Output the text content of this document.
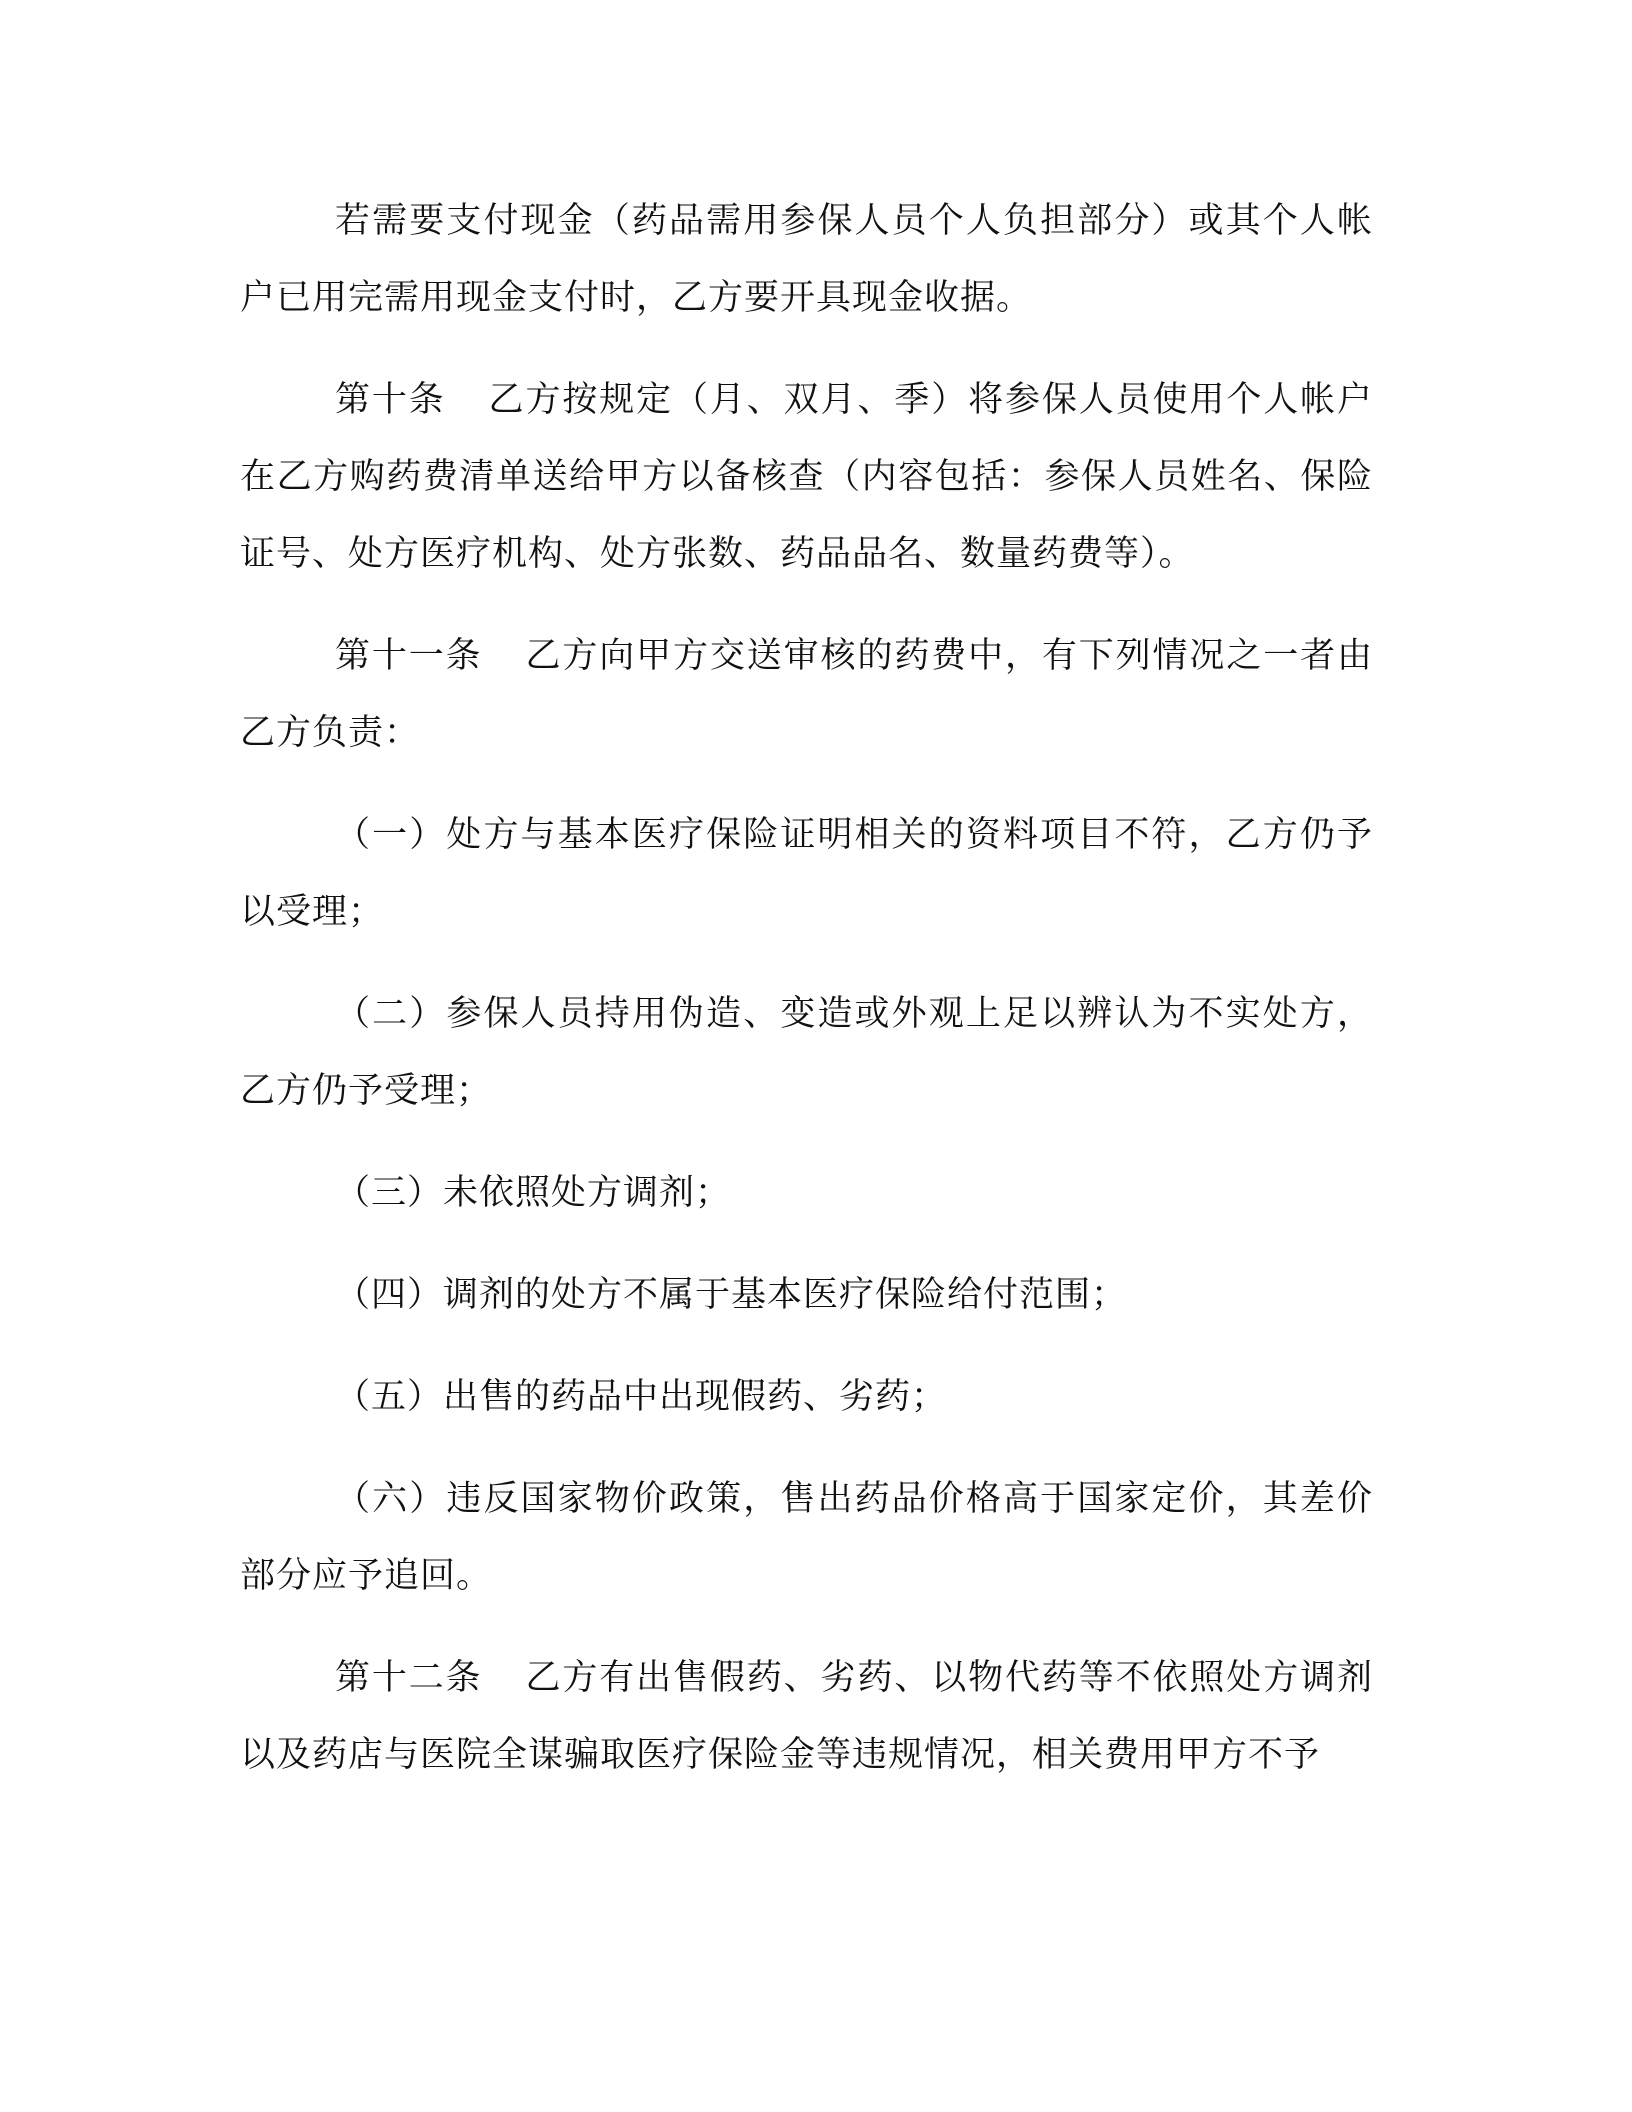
若需要支付现金（药品需用参保人员个人负担部分）或其个人帐户已用完需用现金支付时，乙方要开具现金收据。

第十条 乙方按规定（月、双月、季）将参保人员使用个人帐户在乙方购药费清单送给甲方以备核查（内容包括：参保人员姓名、保险证号、处方医疗机构、处方张数、药品品名、数量药费等）。

第十一条 乙方向甲方交送审核的药费中，有下列情况之一者由乙方负责：

（一）处方与基本医疗保险证明相关的资料项目不符，乙方仍予以受理；

（二）参保人员持用伪造、变造或外观上足以辨认为不实处方，乙方仍予受理；

（三）未依照处方调剂；

（四）调剂的处方不属于基本医疗保险给付范围；

（五）出售的药品中出现假药、劣药；

（六）违反国家物价政策，售出药品价格高于国家定价，其差价部分应予追回。

第十二条 乙方有出售假药、劣药、以物代药等不依照处方调剂以及药店与医院全谋骗取医疗保险金等违规情况，相关费用甲方不予
